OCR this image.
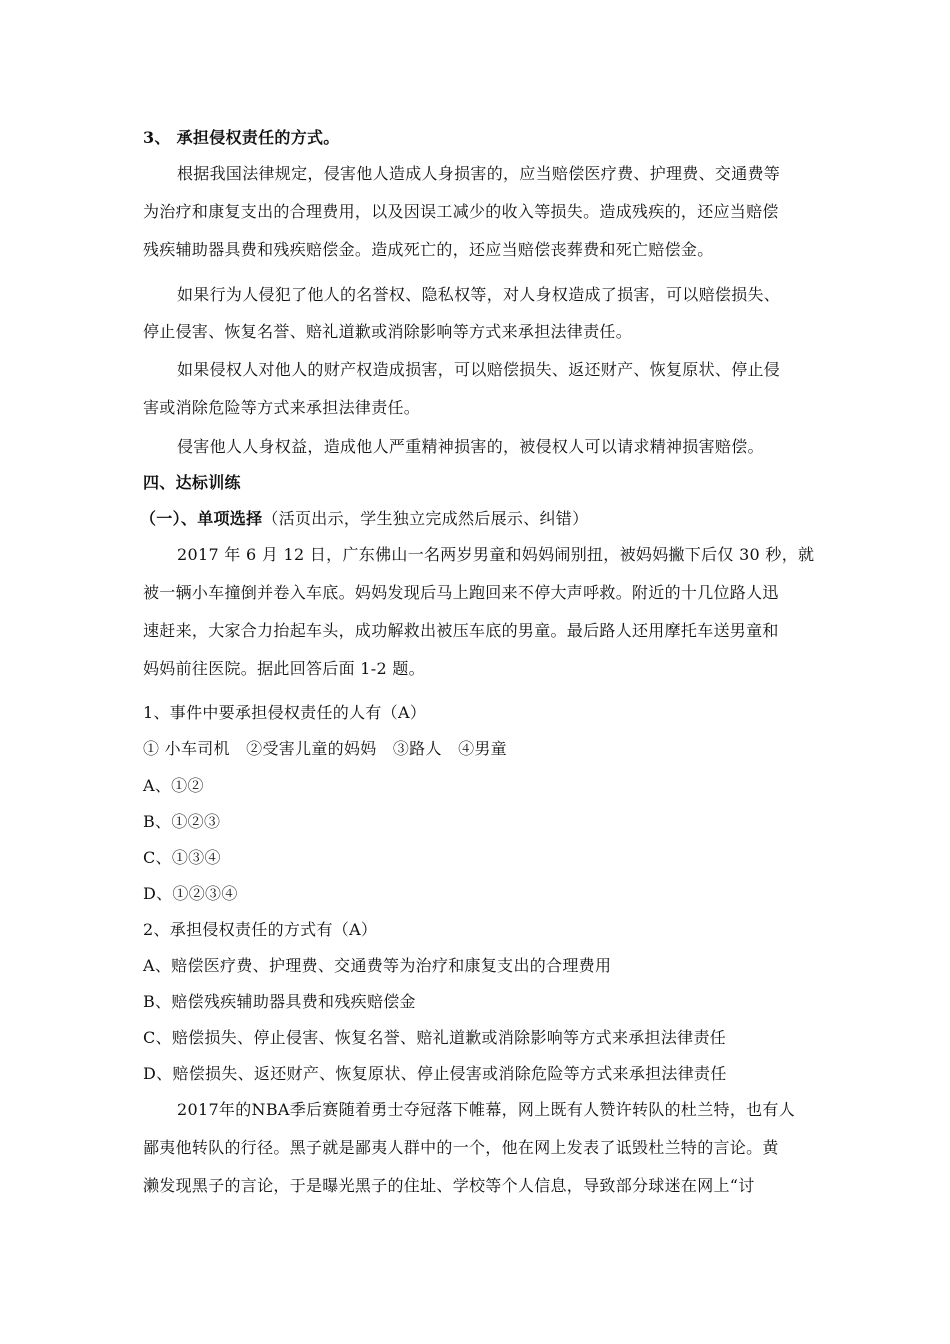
3、 承担侵权责任的方式。
根据我国法律规定，侵害他人造成人身损害的，应当赔偿医疗费、护理费、交通费等
为治疗和康复支出的合理费用，以及因误工减少的收入等损失。造成残疾的，还应当赔偿
残疾辅助器具费和残疾赔偿金。造成死亡的，还应当赔偿丧葬费和死亡赔偿金。
如果行为人侵犯了他人的名誉权、隐私权等，对人身权造成了损害，可以赔偿损失、
停止侵害、恢复名誉、赔礼道歉或消除影响等方式来承担法律责任。
如果侵权人对他人的财产权造成损害，可以赔偿损失、返还财产、恢复原状、停止侵
害或消除危险等方式来承担法律责任。
侵害他人人身权益，造成他人严重精神损害的，被侵权人可以请求精神损害赔偿。
四、达标训练
（一）、单项选择（活页出示，学生独立完成然后展示、纠错）
2017 年 6 月 12 日，广东佛山一名两岁男童和妈妈闹别扭，被妈妈撇下后仅 30 秒，就
被一辆小车撞倒并卷入车底。妈妈发现后马上跑回来不停大声呼救。附近的十几位路人迅
速赶来，大家合力抬起车头，成功解救出被压车底的男童。最后路人还用摩托车送男童和
妈妈前往医院。据此回答后面 1-2 题。
1、事件中要承担侵权责任的人有（A）
① 小车司机　②受害儿童的妈妈　③路人　④男童
A、①②
B、①②③
C、①③④
D、①②③④
2、承担侵权责任的方式有（A）
A、赔偿医疗费、护理费、交通费等为治疗和康复支出的合理费用
B、赔偿残疾辅助器具费和残疾赔偿金
C、赔偿损失、停止侵害、恢复名誉、赔礼道歉或消除影响等方式来承担法律责任
D、赔偿损失、返还财产、恢复原状、停止侵害或消除危险等方式来承担法律责任
2017年的NBA季后赛随着勇士夺冠落下帷幕，网上既有人赞许转队的杜兰特，也有人
鄙夷他转队的行径。黑子就是鄙夷人群中的一个，他在网上发表了诋毁杜兰特的言论。黄
濑发现黑子的言论，于是曝光黑子的住址、学校等个人信息，导致部分球迷在网上“讨
